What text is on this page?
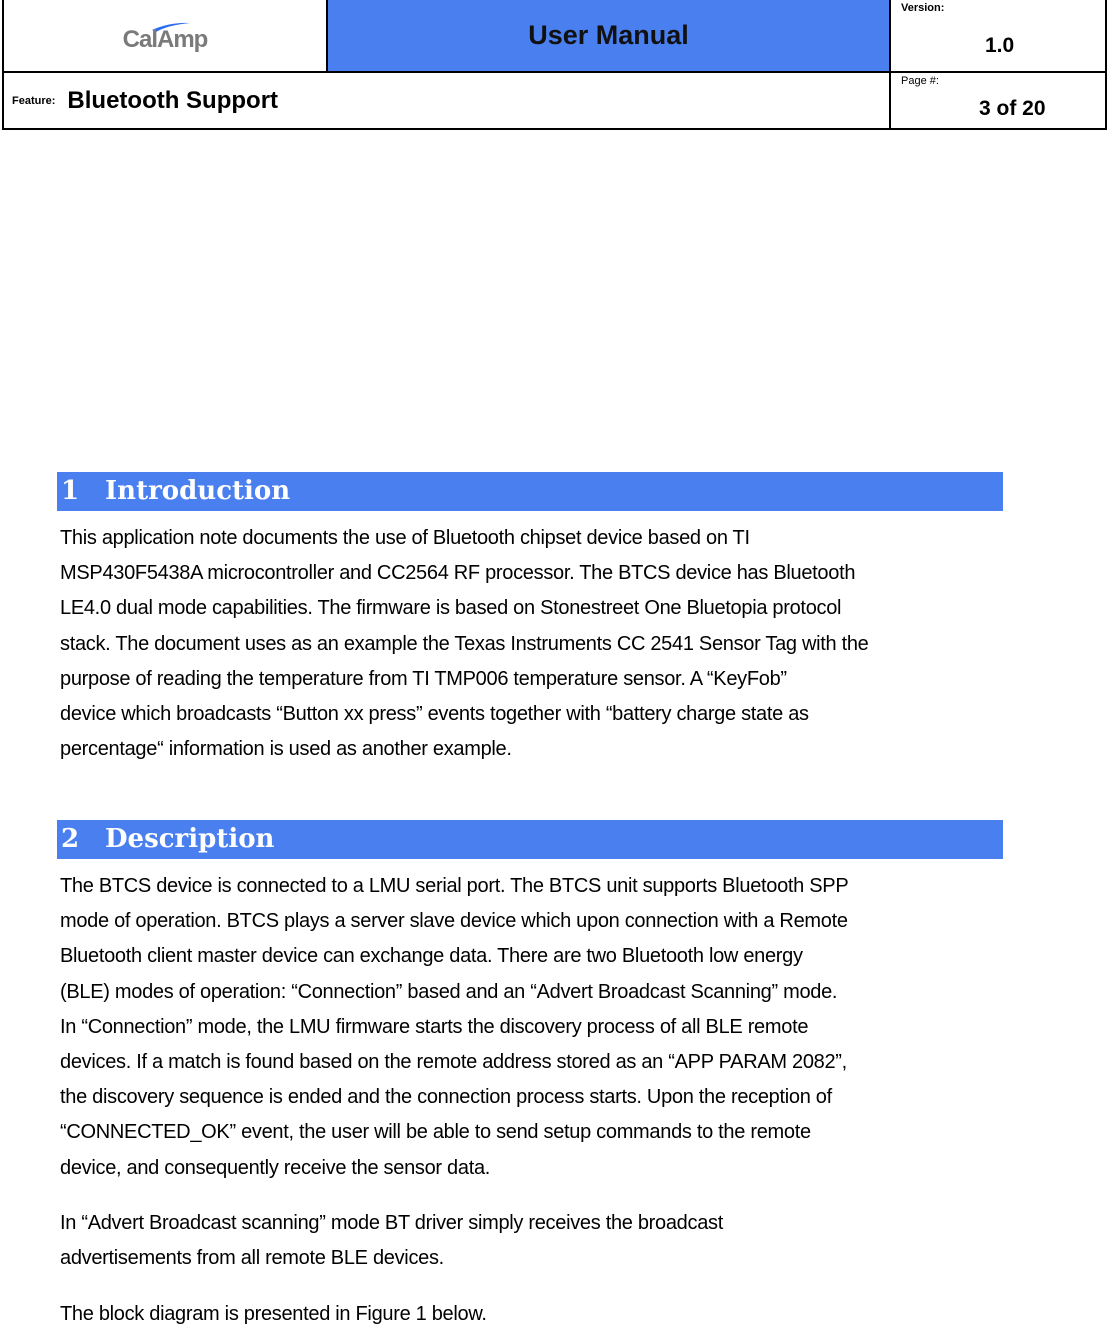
CalAmp	User Manual
Version:
1.0
Feature: Bluetooth Support
Page #:
3 of 20
1 Introduction
This application note documents the use of Bluetooth chipset device based on TI
MSP430F5438A microcontroller and CC2564 RF processor. The BTCS device has Bluetooth
LE4.0 dual mode capabilities. The firmware is based on Stonestreet One Bluetopia protocol
stack. The document uses as an example the Texas Instruments CC 2541 Sensor Tag with the
purpose of reading the temperature from TI TMP006 temperature sensor. A “KeyFob”
device which broadcasts “Button xx press” events together with “battery charge state as
percentage“ information is used as another example.
2 Description
The BTCS device is connected to a LMU serial port. The BTCS unit supports Bluetooth SPP
mode of operation. BTCS plays a server slave device which upon connection with a Remote
Bluetooth client master device can exchange data. There are two Bluetooth low energy
(BLE) modes of operation: “Connection” based and an “Advert Broadcast Scanning” mode.
In “Connection” mode, the LMU firmware starts the discovery process of all BLE remote
devices. If a match is found based on the remote address stored as an “APP PARAM 2082”,
the discovery sequence is ended and the connection process starts. Upon the reception of
“CONNECTED_OK” event, the user will be able to send setup commands to the remote
device, and consequently receive the sensor data.
In “Advert Broadcast scanning” mode BT driver simply receives the broadcast
advertisements from all remote BLE devices.
The block diagram is presented in Figure 1 below.
